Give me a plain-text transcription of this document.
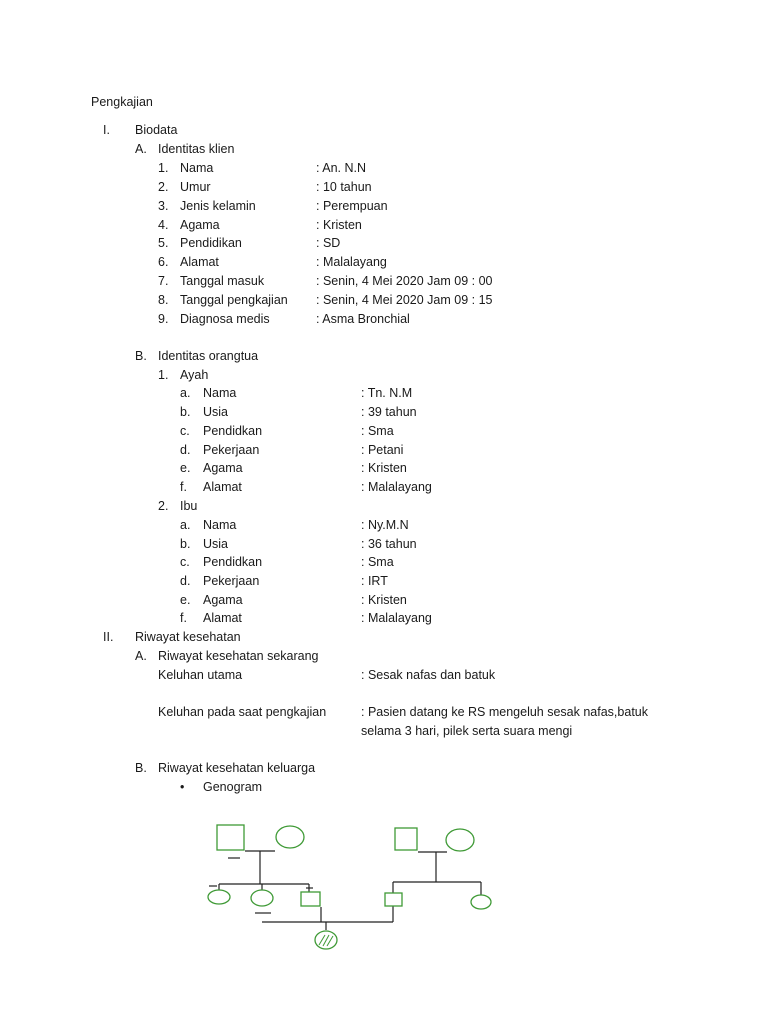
Pengkajian
I. Biodata
A. Identitas klien
1. Nama	: An. N.N
2. Umur	: 10 tahun
3. Jenis kelamin	: Perempuan
4. Agama	: Kristen
5. Pendidikan	: SD
6. Alamat	: Malalayang
7. Tanggal masuk	: Senin, 4 Mei 2020 Jam 09 : 00
8. Tanggal pengkajian : Senin, 4 Mei 2020 Jam 09 : 15
9. Diagnosa medis	: Asma Bronchial
B. Identitas orangtua
1. Ayah
a. Nama	: Tn. N.M
b. Usia	: 39 tahun
c. Pendidkan	: Sma
d. Pekerjaan	: Petani
e. Agama	: Kristen
f. Alamat	: Malalayang
2. Ibu
a. Nama	: Ny.M.N
b. Usia	: 36 tahun
c. Pendidkan	: Sma
d. Pekerjaan	: IRT
e. Agama	: Kristen
f. Alamat	: Malalayang
II. Riwayat kesehatan
A. Riwayat kesehatan sekarang
Keluhan utama	: Sesak nafas dan batuk
Keluhan pada saat pengkajian	: Pasien datang ke RS mengeluh sesak nafas,batuk
selama 3 hari, pilek serta suara mengi
B. Riwayat kesehatan keluarga
• Genogram
